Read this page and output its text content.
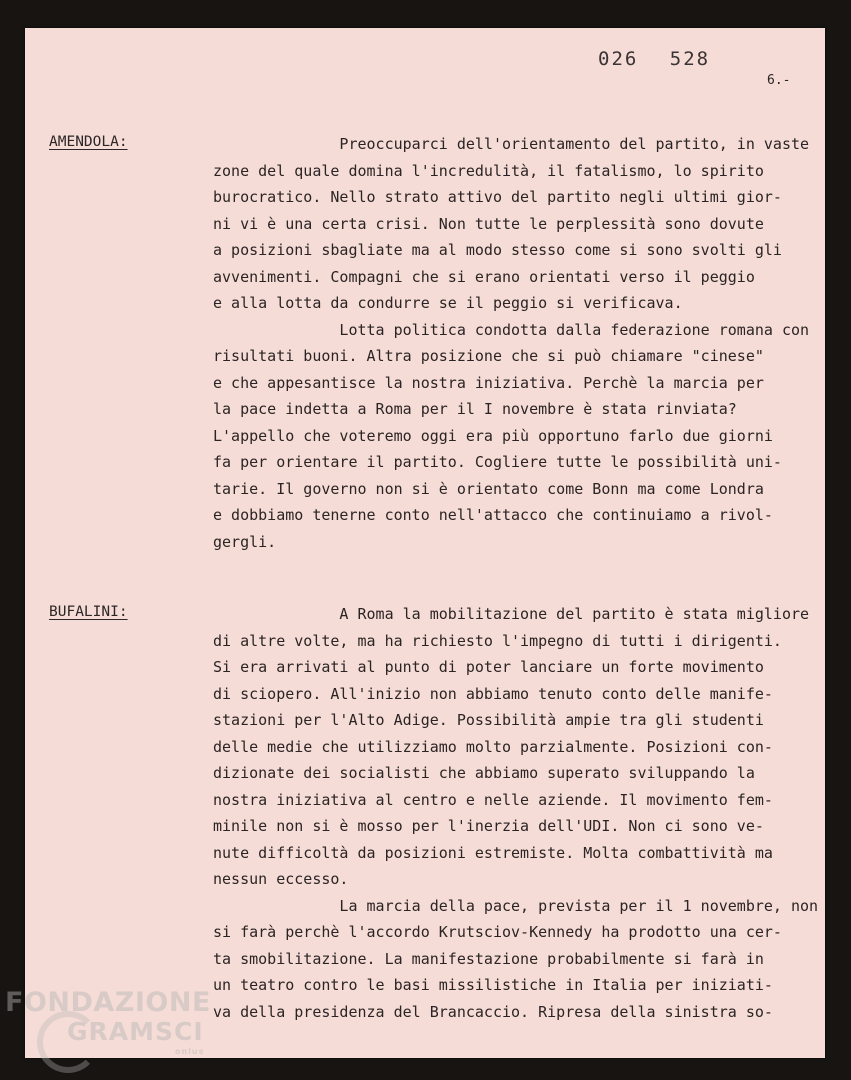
026 528
6.-
AMENDOLA:	Preoccuparci dell'orientamento del partito, in vaste
zone del quale domina l'incredulità, il fatalismo, lo spirito
burocratico. Nello strato attivo del partito negli ultimi gior-
ni vi è una certa crisi. Non tutte le perplessità sono dovute
a posizioni sbagliate ma al modo stesso come si sono svolti gli
avvenimenti. Compagni che si erano orientati verso il peggio
e alla lotta da condurre se il peggio si verificava.
Lotta politica condotta dalla federazione romana con
risultati buoni. Altra posizione che si può chiamare "cinese"
e che appesantisce la nostra iniziativa. Perchè la marcia per
la pace indetta a Roma per il I novembre è stata rinviata?
L'appello che voteremo oggi era più opportuno farlo due giorni
fa per orientare il partito. Cogliere tutte le possibilità uni-
tarie. Il governo non si è orientato come Bonn ma come Londra
e dobbiamo tenerne conto nell'attacco che continuiamo a rivol-
gergli.
BUFALINI:	A Roma la mobilitazione del partito è stata migliore
di altre volte, ma ha richiesto l'impegno di tutti i dirigenti.
Si era arrivati al punto di poter lanciare un forte movimento
di sciopero. All'inizio non abbiamo tenuto conto delle manife-
stazioni per l'Alto Adige. Possibilità ampie tra gli studenti
delle medie che utilizziamo molto parzialmente. Posizioni con-
dizionate dei socialisti che abbiamo superato sviluppando la
nostra iniziativa al centro e nelle aziende. Il movimento fem-
minile non si è mosso per l'inerzia dell'UDI. Non ci sono ve-
nute difficoltà da posizioni estremiste. Molta combattività ma
nessun eccesso.
La marcia della pace, prevista per il 1 novembre, non
si farà perchè l'accordo Krutsciov-Kennedy ha prodotto una cer-
ta smobilitazione. La manifestazione probabilmente si farà in
un teatro contro le basi missilistiche in Italia per iniziati-
va della presidenza del Brancaccio. Ripresa della sinistra so-
FONDAZIONE
GRAMSCI
onlus
